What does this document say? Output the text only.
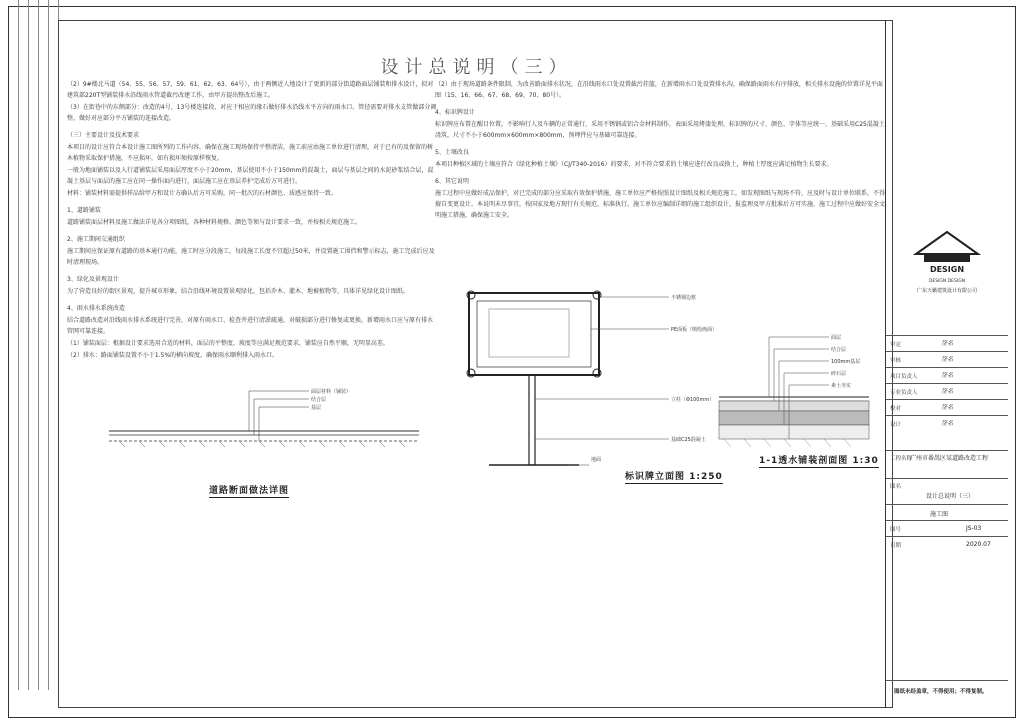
设计总说明（三）

（2）9#楼北马道（54、55、56、57、59、61、62、63、64号），由于两侧近人地设计了更新的部分街道路面层铺装和排水设计，拟对建筑部220T型铺装排水沿线雨水管道截污改建工作，由甲方提出整改后施工。

（3）在街巷中的东侧部分：改造的4号、13号楼连接段，对应于相应的缘石做好排水沿线水平方向的雨水口。管径需要对排水支管做部分调整，做好对应部分平方铺装的连接改造。

（三）主要设计及技术要求

本项目的设计应符合本设计施工图所列的工作内容，确保在施工现场保持平整清洁，施工前应由施工单位进行清理，对于已有的及保留的树木植物采取保护措施，不应损坏，如有损坏须按原样恢复。

一般为地面铺装以及人行道铺装层采用面层厚度不小于20mm，基层使用不小于150mm的混凝土，面层与基层之间的水泥砂浆结合层，混凝土基层与面层的施工应在同一操作面内进行，面层施工应在基层养护完成后方可进行。

材料：铺装材料需提供样品给甲方和设计方确认后方可采购，同一批次的石材颜色、质感应保持一致。

1、道路铺装

道路铺装面层材料及施工做法详见各分项图纸，各种材料规格、颜色等须与设计要求一致，并按相关规范施工。

2、施工期间交通组织

施工期间应保证原有道路的基本通行功能，施工时应分段施工，每段施工长度不宜超过50米，并设置施工围挡和警示标志，施工完成后应及时清理现场。

3、绿化及景观设计

为了营造良好的街区景观，提升城市形象，结合沿线环境设置景观绿化，包括乔木、灌木、地被植物等，具体详见绿化设计图纸。

4、雨水排水系统改造

结合道路改造对沿线雨水排水系统进行完善，对原有雨水口、检查井进行清淤疏通，对破损部分进行修复或更换，新增雨水口应与原有排水管网可靠连接。

（1）铺装面层：根据设计要求选用合适的材料，面层的平整度、坡度等应满足规范要求，铺装应自然平顺，无明显高差。

（2）排水：路面铺装设置不小于1.5%的横向坡度，确保雨水顺利排入雨水口。

（2）由于现场道路条件限制，为改善路面排水状况，在沿线雨水口处设置截污挂篮，在新增雨水口处设置排水沟，确保路面雨水有序排放，相关排水设施的位置详见平面图（15、16、66、67、68、69、70、80号）。

4、标识牌设计

标识牌应布置在醒目位置，不影响行人及车辆的正常通行，采用不锈钢或铝合金材料制作，表面采用烤漆处理，标识牌的尺寸、颜色、字体等应统一，基础采用C25混凝土浇筑，尺寸不小于600mm×600mm×800mm，预埋件应与基础可靠连接。

5、土壤改良

本项目种植区域的土壤应符合《绿化种植土壤》（CJ/T340-2016）的要求，对不符合要求的土壤应进行改良或换土，种植土厚度应满足植物生长要求。

6、其它说明

施工过程中应做好成品保护，对已完成的部分应采取有效保护措施，施工单位应严格按照设计图纸及相关规范施工，如发现图纸与现场不符，应及时与设计单位联系，不得擅自变更设计。本说明未尽事宜，按国家及地方现行有关规范、标准执行。施工单位应编制详细的施工组织设计，报监理及甲方批准后方可实施，施工过程中应做好安全文明施工措施，确保施工安全。

面层材料（铺装）
结合层
基层
道路断面做法详图
不锈钢边框
PE面板（喷绘画面）
立柱（Φ100mm）
基础C25混凝土
地面
标识牌立面图 1:250
面层
结合层
100mm基层
碎石层
素土夯实
1-1透水铺装剖面图 1:30
DESIGN
DESIGN DESIGN
广东天籁建筑设计有限公司
审定	签名
审核	签名
项目负责人	签名
专业负责人	签名
校对	签名
设计	签名
工程名称
广州市番禺区某道路改造工程
图名
设计总说明（三）
施工图
图号	JS-03
日期	2020.07
图纸未经盖章，不得使用；不得复制。
